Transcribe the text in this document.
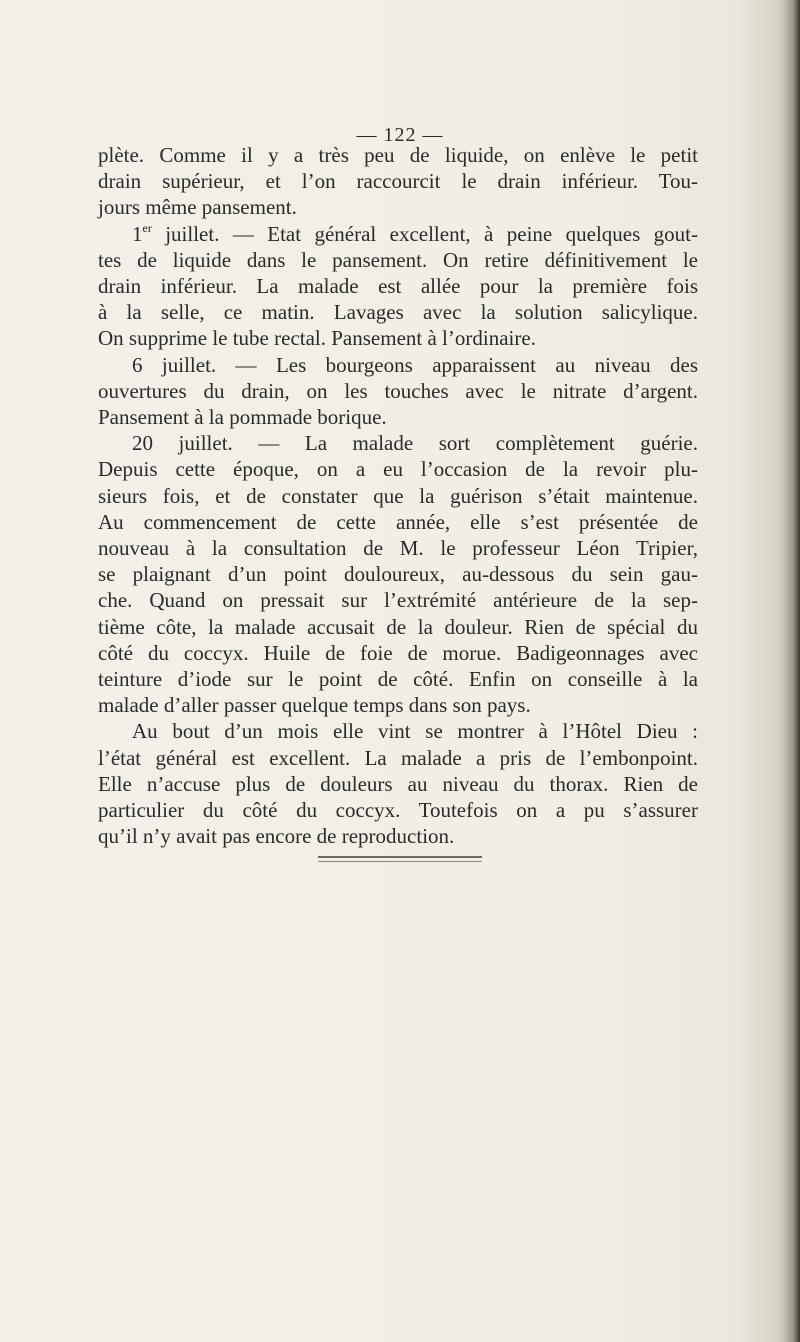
— 122 —
plète. Comme il y a très peu de liquide, on enlève le petit
drain supérieur, et l’on raccourcit le drain inférieur. Tou-
jours même pansement.
1er juillet. — Etat général excellent, à peine quelques gout-
tes de liquide dans le pansement. On retire définitivement le
drain inférieur. La malade est allée pour la première fois
à la selle, ce matin. Lavages avec la solution salicylique.
On supprime le tube rectal. Pansement à l’ordinaire.
6 juillet. — Les bourgeons apparaissent au niveau des
ouvertures du drain, on les touches avec le nitrate d’argent.
Pansement à la pommade borique.
20 juillet. — La malade sort complètement guérie.
Depuis cette époque, on a eu l’occasion de la revoir plu-
sieurs fois, et de constater que la guérison s’était maintenue.
Au commencement de cette année, elle s’est présentée de
nouveau à la consultation de M. le professeur Léon Tripier,
se plaignant d’un point douloureux, au-dessous du sein gau-
che. Quand on pressait sur l’extrémité antérieure de la sep-
tième côte, la malade accusait de la douleur. Rien de spécial du
côté du coccyx. Huile de foie de morue. Badigeonnages avec
teinture d’iode sur le point de côté. Enfin on conseille à la
malade d’aller passer quelque temps dans son pays.
Au bout d’un mois elle vint se montrer à l’Hôtel Dieu :
l’état général est excellent. La malade a pris de l’embonpoint.
Elle n’accuse plus de douleurs au niveau du thorax. Rien de
particulier du côté du coccyx. Toutefois on a pu s’assurer
qu’il n’y avait pas encore de reproduction.
